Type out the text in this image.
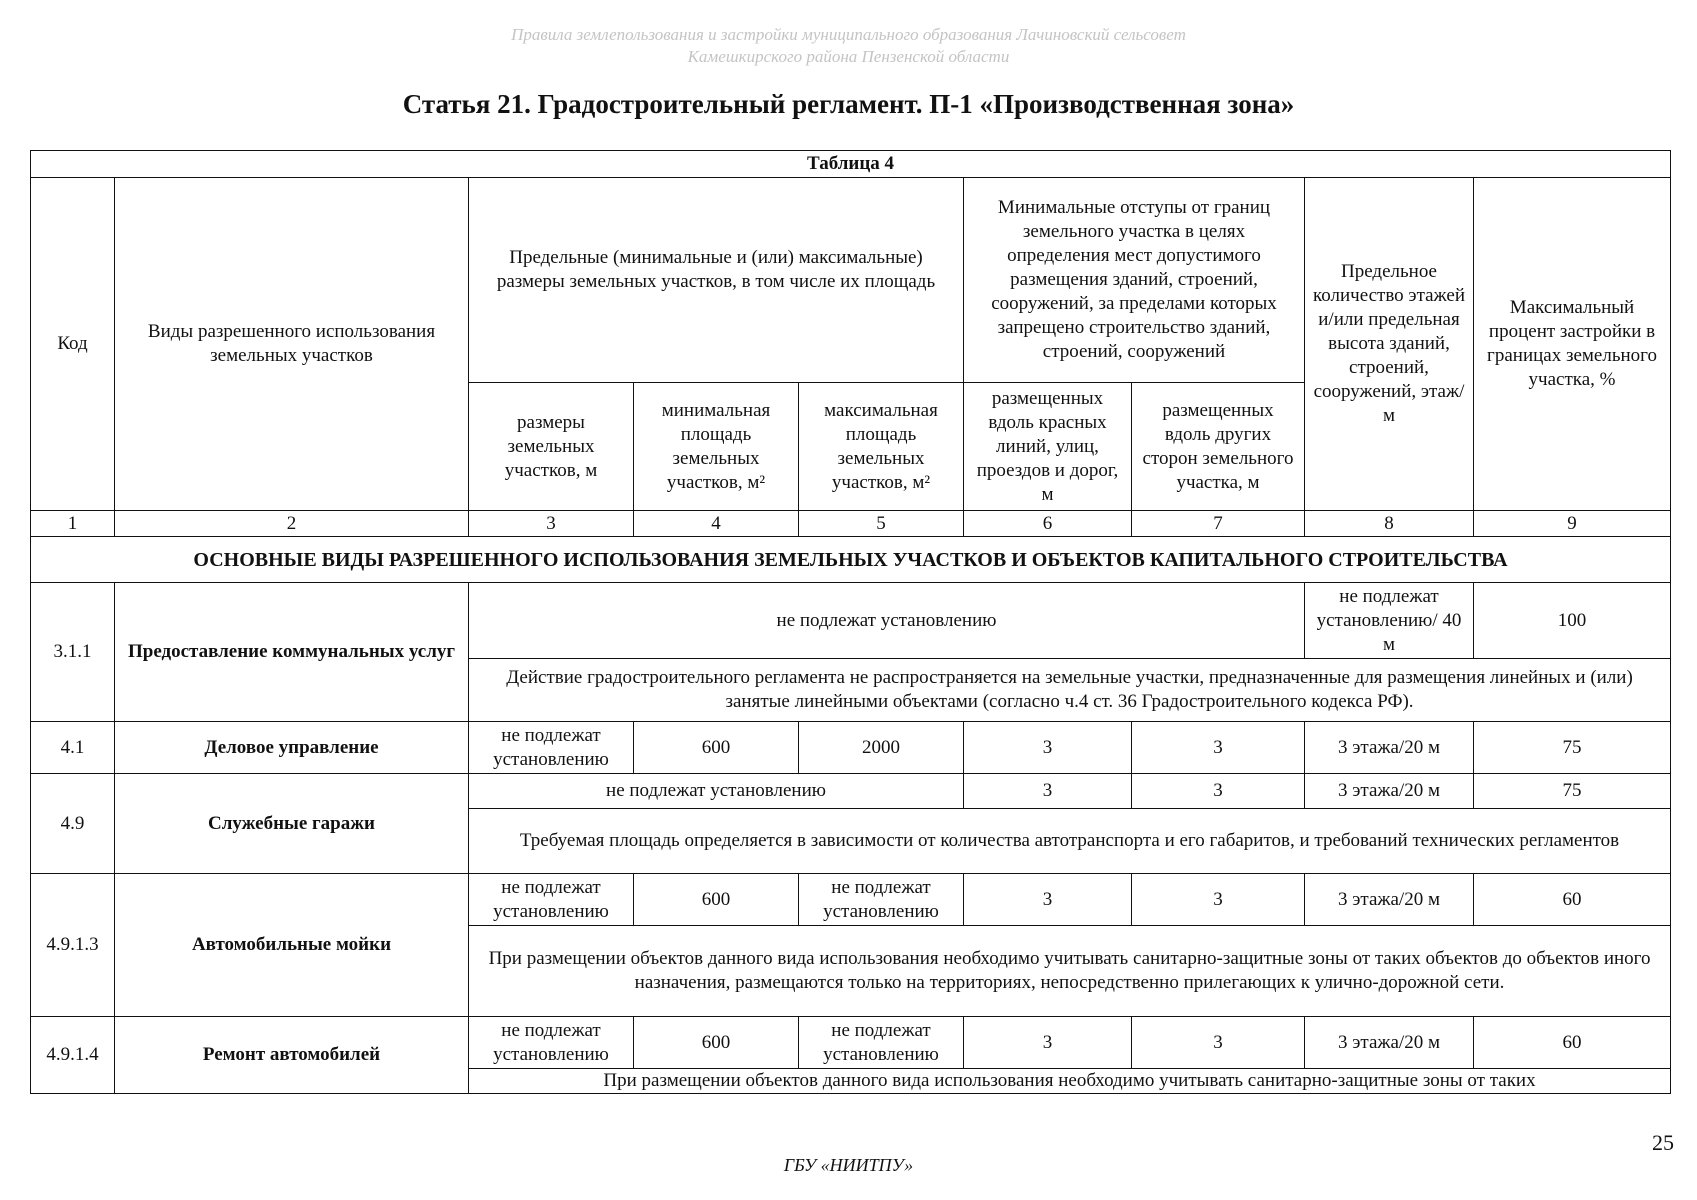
Правила землепользования и застройки муниципального образования Лачиновский сельсовет
Камешкирского района Пензенской области
Статья 21. Градостроительный регламент. П-1 «Производственная зона»
Таблица 4								
Код	Виды разрешенного использования земельных участков	Предельные (минимальные и (или) максимальные) размеры земельных участков, в том числе их площадь			Минимальные отступы от границ земельного участка в целях определения мест допустимого размещения зданий, строений, сооружений, за пределами которых запрещено строительство зданий, строений, сооружений		Предельное количество этажей и/или предельная высота зданий, строений, сооружений, этаж/м	Максимальный процент застройки в границах земельного участка, %
		размеры земельных участков, м	минимальная площадь земельных участков, м²	максимальная площадь земельных участков, м²	размещенных вдоль красных линий, улиц, проездов и дорог, м	размещенных вдоль других сторон земельного участка, м		
1	2	3	4	5	6	7	8	9
ОСНОВНЫЕ ВИДЫ РАЗРЕШЕННОГО ИСПОЛЬЗОВАНИЯ ЗЕМЕЛЬНЫХ УЧАСТКОВ И ОБЪЕКТОВ КАПИТАЛЬНОГО СТРОИТЕЛЬСТВА								
3.1.1	Предоставление коммунальных услуг	не подлежат установлению					не подлежат установлению/ 40 м	100
		Действие градостроительного регламента не распространяется на земельные участки, предназначенные для размещения линейных и (или) занятые линейными объектами (согласно ч.4 ст. 36 Градостроительного кодекса РФ).						
4.1	Деловое управление	не подлежат установлению	600	2000	3	3	3 этажа/20 м	75
4.9	Служебные гаражи	не подлежат установлению			3	3	3 этажа/20 м	75
		Требуемая площадь определяется в зависимости от количества автотранспорта и его габаритов, и требований технических регламентов						
4.9.1.3	Автомобильные мойки	не подлежат установлению	600	не подлежат установлению	3	3	3 этажа/20 м	60
		При размещении объектов данного вида использования необходимо учитывать санитарно-защитные зоны от таких объектов до объектов иного назначения, размещаются только на территориях, непосредственно прилегающих к улично-дорожной сети.						
4.9.1.4	Ремонт автомобилей	не подлежат установлению	600	не подлежат установлению	3	3	3 этажа/20 м	60
		При размещении объектов данного вида использования необходимо учитывать санитарно-защитные зоны от таких						
25
ГБУ «НИИТПУ»
